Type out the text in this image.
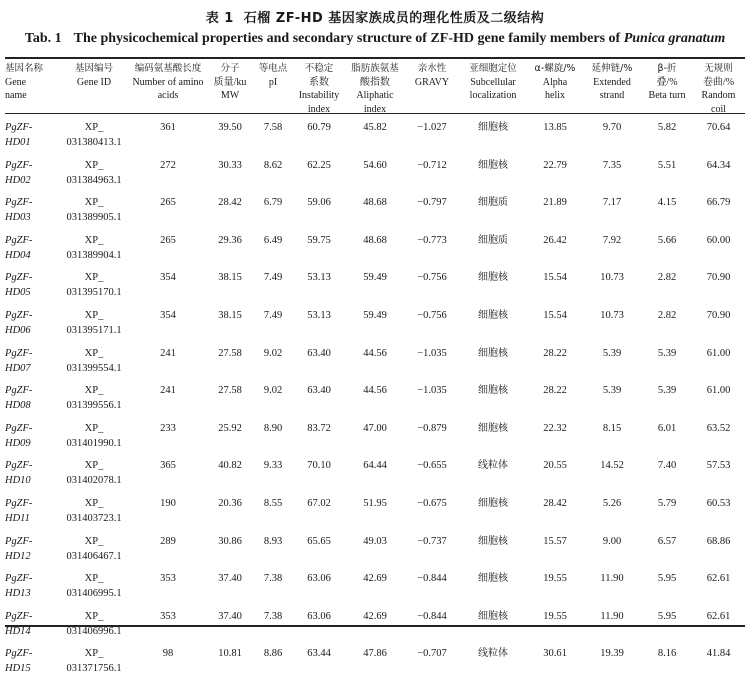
表 1 石榴 ZF-HD 基因家族成员的理化性质及二级结构
Tab. 1 The physicochemical properties and secondary structure of ZF-HD gene family members of Punica granatum
基因名称
Gene
name	基因编号
Gene ID	编码氨基酸长度
Number of amino
acids	分子
质量/ku
MW	等电点
pI	不稳定
系数
Instability
index	脂肪族氨基
酸指数
Aliphatic
index	亲水性
GRAVY	亚细胞定位
Subcellular
localization	α-螺旋/%
Alpha
helix	延伸链/%
Extended
strand	β-折
叠/%
Beta turn	无规则
卷曲/%
Random
coil

PgZF-
HD01	XP_
031380413.1	361	39.50	7.58	60.79	45.82	−1.027	细胞核	13.85	9.70	5.82	70.64

PgZF-
HD02	XP_
031384963.1	272	30.33	8.62	62.25	54.60	−0.712	细胞核	22.79	7.35	5.51	64.34

PgZF-
HD03	XP_
031389905.1	265	28.42	6.79	59.06	48.68	−0.797	细胞质	21.89	7.17	4.15	66.79

PgZF-
HD04	XP_
031389904.1	265	29.36	6.49	59.75	48.68	−0.773	细胞质	26.42	7.92	5.66	60.00

PgZF-
HD05	XP_
031395170.1	354	38.15	7.49	53.13	59.49	−0.756	细胞核	15.54	10.73	2.82	70.90

PgZF-
HD06	XP_
031395171.1	354	38.15	7.49	53.13	59.49	−0.756	细胞核	15.54	10.73	2.82	70.90

PgZF-
HD07	XP_
031399554.1	241	27.58	9.02	63.40	44.56	−1.035	细胞核	28.22	5.39	5.39	61.00

PgZF-
HD08	XP_
031399556.1	241	27.58	9.02	63.40	44.56	−1.035	细胞核	28.22	5.39	5.39	61.00

PgZF-
HD09	XP_
031401990.1	233	25.92	8.90	83.72	47.00	−0.879	细胞核	22.32	8.15	6.01	63.52

PgZF-
HD10	XP_
031402078.1	365	40.82	9.33	70.10	64.44	−0.655	线粒体	20.55	14.52	7.40	57.53

PgZF-
HD11	XP_
031403723.1	190	20.36	8.55	67.02	51.95	−0.675	细胞核	28.42	5.26	5.79	60.53

PgZF-
HD12	XP_
031406467.1	289	30.86	8.93	65.65	49.03	−0.737	细胞核	15.57	9.00	6.57	68.86

PgZF-
HD13	XP_
031406995.1	353	37.40	7.38	63.06	42.69	−0.844	细胞核	19.55	11.90	5.95	62.61

PgZF-
HD14	XP_
031406996.1	353	37.40	7.38	63.06	42.69	−0.844	细胞核	19.55	11.90	5.95	62.61

PgZF-
HD15	XP_
031371756.1	98	10.81	8.86	63.44	47.86	−0.707	线粒体	30.61	19.39	8.16	41.84
